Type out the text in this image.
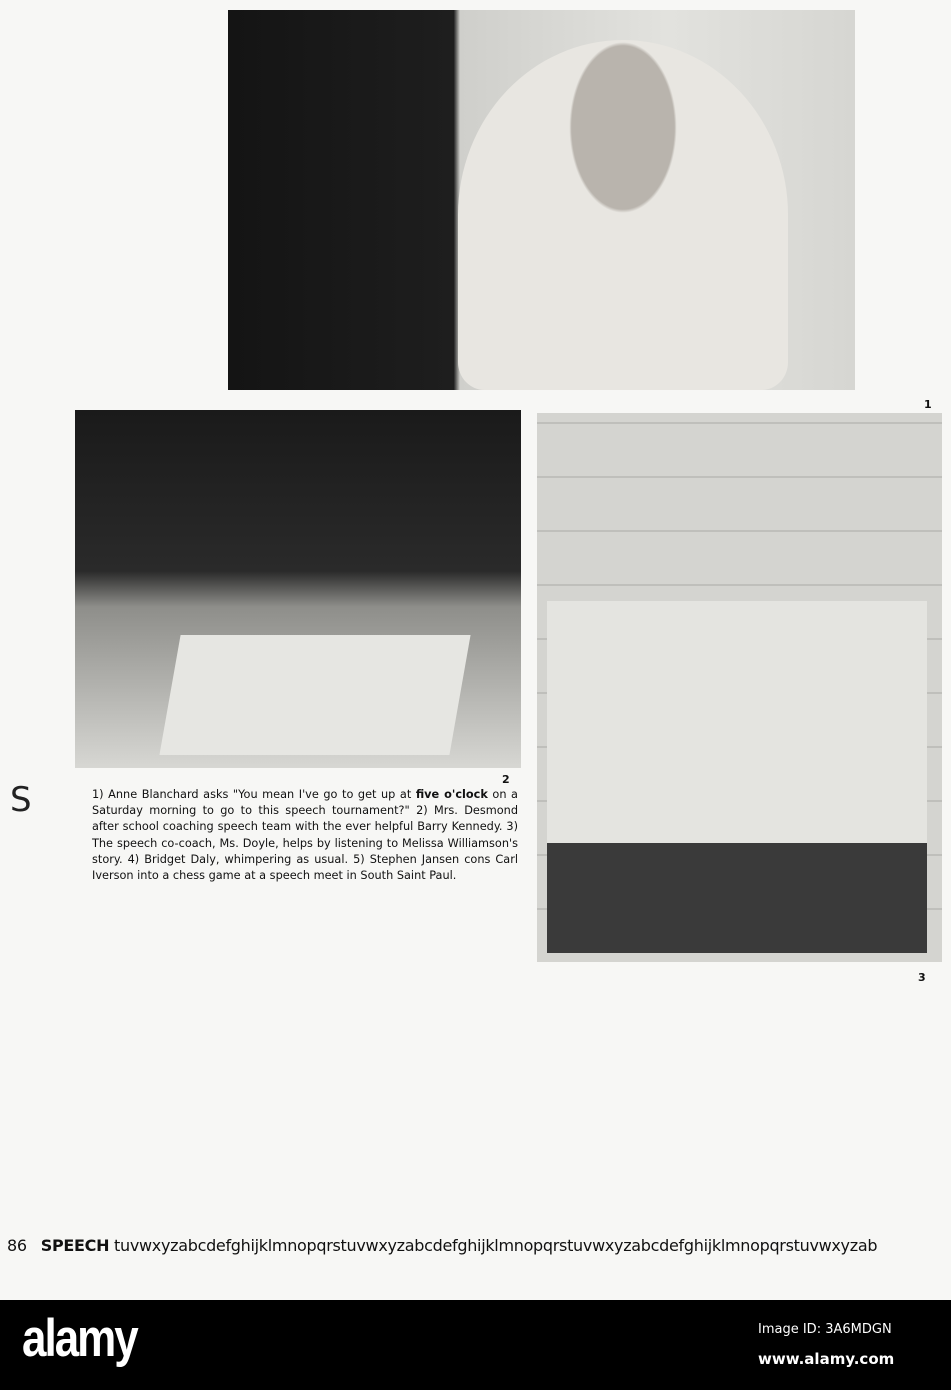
1
2
3
S	1) Anne Blanchard asks "You mean I've go to get up at five o'clock on a Saturday morning to go to this speech tournament?" 2) Mrs. Desmond after school coaching speech team with the ever helpful Barry Kennedy. 3) The speech co-coach, Ms. Doyle, helps by listening to Melissa Williamson's story. 4) Bridget Daly, whimpering as usual. 5) Stephen Jansen cons Carl Iverson into a chess game at a speech meet in South Saint Paul.
86 SPEECH tuvwxyzabcdefghijklmnopqrstuvwxyzabcdefghijklmnopqrstuvwxyzabcdefghijklmnopqrstuvwxyzab
alamy	Image ID: 3A6MDGN
www.alamy.com
